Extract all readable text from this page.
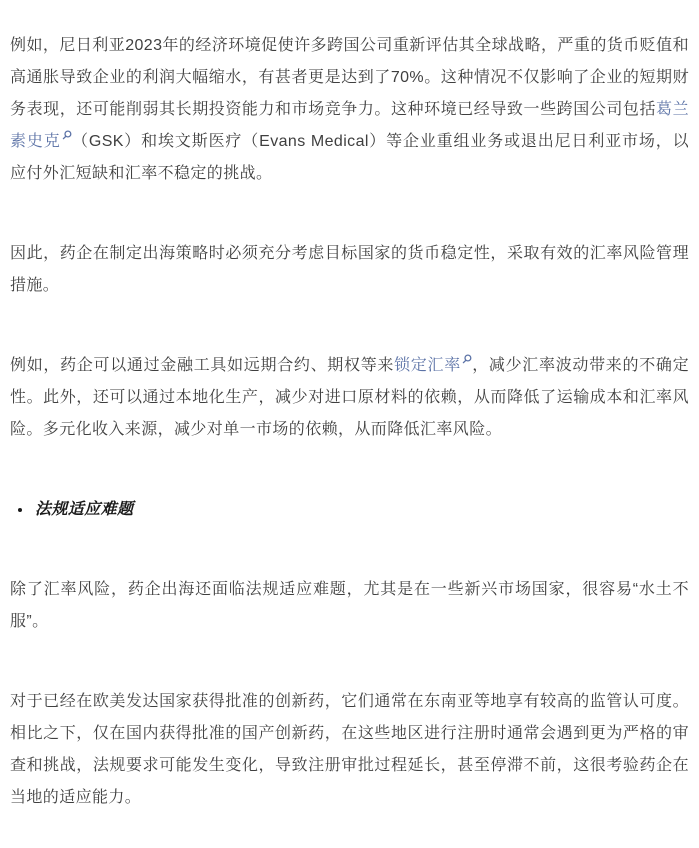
例如，尼日利亚2023年的经济环境促使许多跨国公司重新评估其全球战略，严重的货币贬值和高通胀导致企业的利润大幅缩水，有甚者更是达到了70%。这种情况不仅影响了企业的短期财务表现，还可能削弱其长期投资能力和市场竞争力。这种环境已经导致一些跨国公司包括葛兰素史克 （GSK）和埃文斯医疗（Evans Medical）等企业重组业务或退出尼日利亚市场，以应付外汇短缺和汇率不稳定的挑战。

因此，药企在制定出海策略时必须充分考虑目标国家的货币稳定性，采取有效的汇率风险管理措施。

例如，药企可以通过金融工具如远期合约、期权等来锁定汇率 ，减少汇率波动带来的不确定性。此外，还可以通过本地化生产，减少对进口原材料的依赖，从而降低了运输成本和汇率风险。多元化收入来源，减少对单一市场的依赖，从而降低汇率风险。

• 法规适应难题

除了汇率风险，药企出海还面临法规适应难题，尤其是在一些新兴市场国家，很容易“水土不服”。

对于已经在欧美发达国家获得批准的创新药，它们通常在东南亚等地享有较高的监管认可度。相比之下，仅在国内获得批准的国产创新药，在这些地区进行注册时通常会遇到更为严格的审查和挑战，法规要求可能发生变化，导致注册审批过程延长，甚至停滞不前，这很考验药企在当地的适应能力。
